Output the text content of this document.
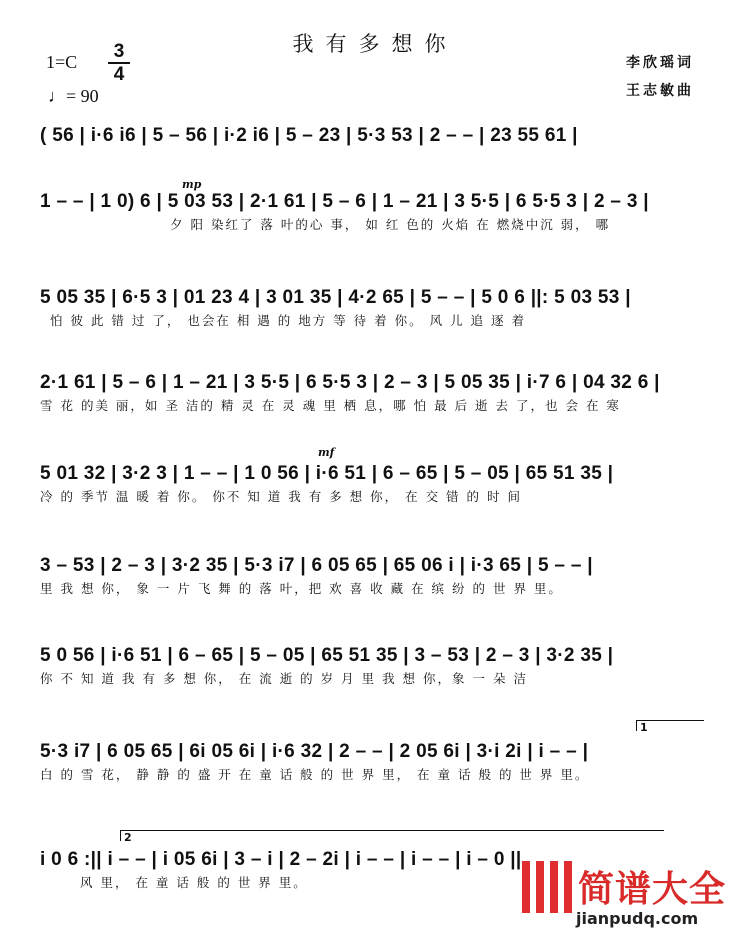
我有多想你
1=C	3
4
♩= 90
李欣瑶词
王志敏曲
mp
mf
1
2
( 56 | i·6 i6 | 5 – 56 | i·2 i6 | 5 – 23 | 5·3 53 | 2 – – | 23 55 61 |
1 – – | 1 0) 6 | 5 03 53 | 2·1 61 | 5 – 6 | 1 – 21 | 3 5·5 | 6 5·5 3 | 2 – 3 |
夕 阳 染红了 落 叶的心 事， 如 红 色的 火焰 在 燃烧中沉 弱， 哪
5 05 35 | 6·5 3 | 01 23 4 | 3 01 35 | 4·2 65 | 5 – – | 5 0 6 ||: 5 03 53 |
怕 彼 此 错 过 了， 也会在 相 遇 的 地方 等 待 着 你。 风 儿 追 逐 着
2·1 61 | 5 – 6 | 1 – 21 | 3 5·5 | 6 5·5 3 | 2 – 3 | 5 05 35 | i·7 6 | 04 32 6 |
雪 花 的美 丽，如 圣 洁的 精 灵 在 灵 魂 里 栖 息，哪 怕 最 后 逝 去 了，也 会 在 寒
5 01 32 | 3·2 3 | 1 – – | 1 0 56 | i·6 51 | 6 – 65 | 5 – 05 | 65 51 35 |
冷 的 季节 温 暖 着 你。 你不 知 道 我 有 多 想 你， 在 交 错 的 时 间
3 – 53 | 2 – 3 | 3·2 35 | 5·3 i7 | 6 05 65 | 65 06 i | i·3 65 | 5 – – |
里 我 想 你， 象 一 片 飞 舞 的 落 叶，把 欢 喜 收 藏 在 缤 纷 的 世 界 里。
5 0 56 | i·6 51 | 6 – 65 | 5 – 05 | 65 51 35 | 3 – 53 | 2 – 3 | 3·2 35 |
你 不 知 道 我 有 多 想 你， 在 流 逝 的 岁 月 里 我 想 你，象 一 朵 洁
5·3 i7 | 6 05 65 | 6i 05 6i | i·6 32 | 2 – – | 2 05 6i | 3·i 2i | i – – |
白 的 雪 花， 静 静 的 盛 开 在 童 话 般 的 世 界 里， 在 童 话 般 的 世 界 里。
i 0 6 :|| i – – | i 05 6i | 3 – i | 2 – 2i | i – – | i – – | i – 0 ||
风 里， 在 童 话 般 的 世 界 里。	简谱大全
jianpudq.com
